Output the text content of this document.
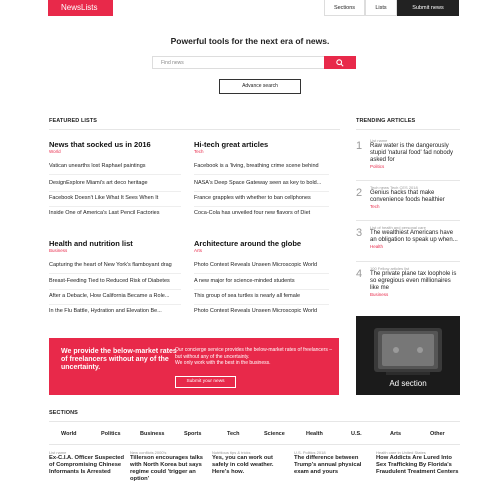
NewsLists	Sections	Lists	Submit news
Powerful tools for the next era of news.
Find news
Advance search
FEATURED LISTS
News that socked us in 2016
World
Vatican unearths lost Raphael paintings
DesignExplore Miami's art deco heritage
Facebook Doesn't Like What It Sees When It
Inside One of America's Last Pencil Factories
Hi-tech great articles
Tech
Facebook is a 'living, breathing crime scene behind
NASA's Deep Space Gateway seen as key to bold...
France grapples with whether to ban cellphones
Coca-Cola has unveiled four new flavors of Diet
Health and nutrition list
Business
Capturing the heart of New York's flamboyant drag
Breast-Feeding Tied to Reduced Risk of Diabetes
After a Debacle, How California Became a Role...
In the Flu Battle, Hydration and Elevation Be...
Architecture around the globe
Arts
Photo Contest Reveals Unseen Microscopic World
A new major for science-minded students
This group of sea turtles is nearly all female
Photo Contest Reveals Unseen Microscopic World
TRENDING ARTICLES
1 List name
Raw water is the dangerously stupid 'natural food' fad nobody asked for
Politics
2 Tech news Tech CES 2018
Genius hacks that make convenience foods healthier
Tech
3 List of health and personal care
The wealthiest Americans have an obligation to speak up when...
Health
4 100 Fellow articles list
The private plane tax loophole is so egregious even millionaires like me
Business
Ad section
We provide the below-market rates of freelancers without any of the uncertainty.
Our concierge service provides the below-market rates of freelancers – but without any of the uncertainty.
We only work with the best in the business.
Submit your news
SECTIONS
World	Politics	Business	Sports	Tech	Science	Health	U.S.	Arts	Other
List name
Ex-C.I.A. Officer Suspected of Compromising Chinese Informants Is Arrested
New conflicts 2000's
Tillerson encourages talks with North Korea but says regime could 'trigger an option'
Nutritious tips & tricks
Yes, you can work out safely in cold weather. Here's how.
U.S. Politics 2018
The difference between Trump's annual physical exam and yours
Health care in United States
How Addicts Are Lured Into Sex Trafficking By Florida's Fraudulent Treatment Centers
